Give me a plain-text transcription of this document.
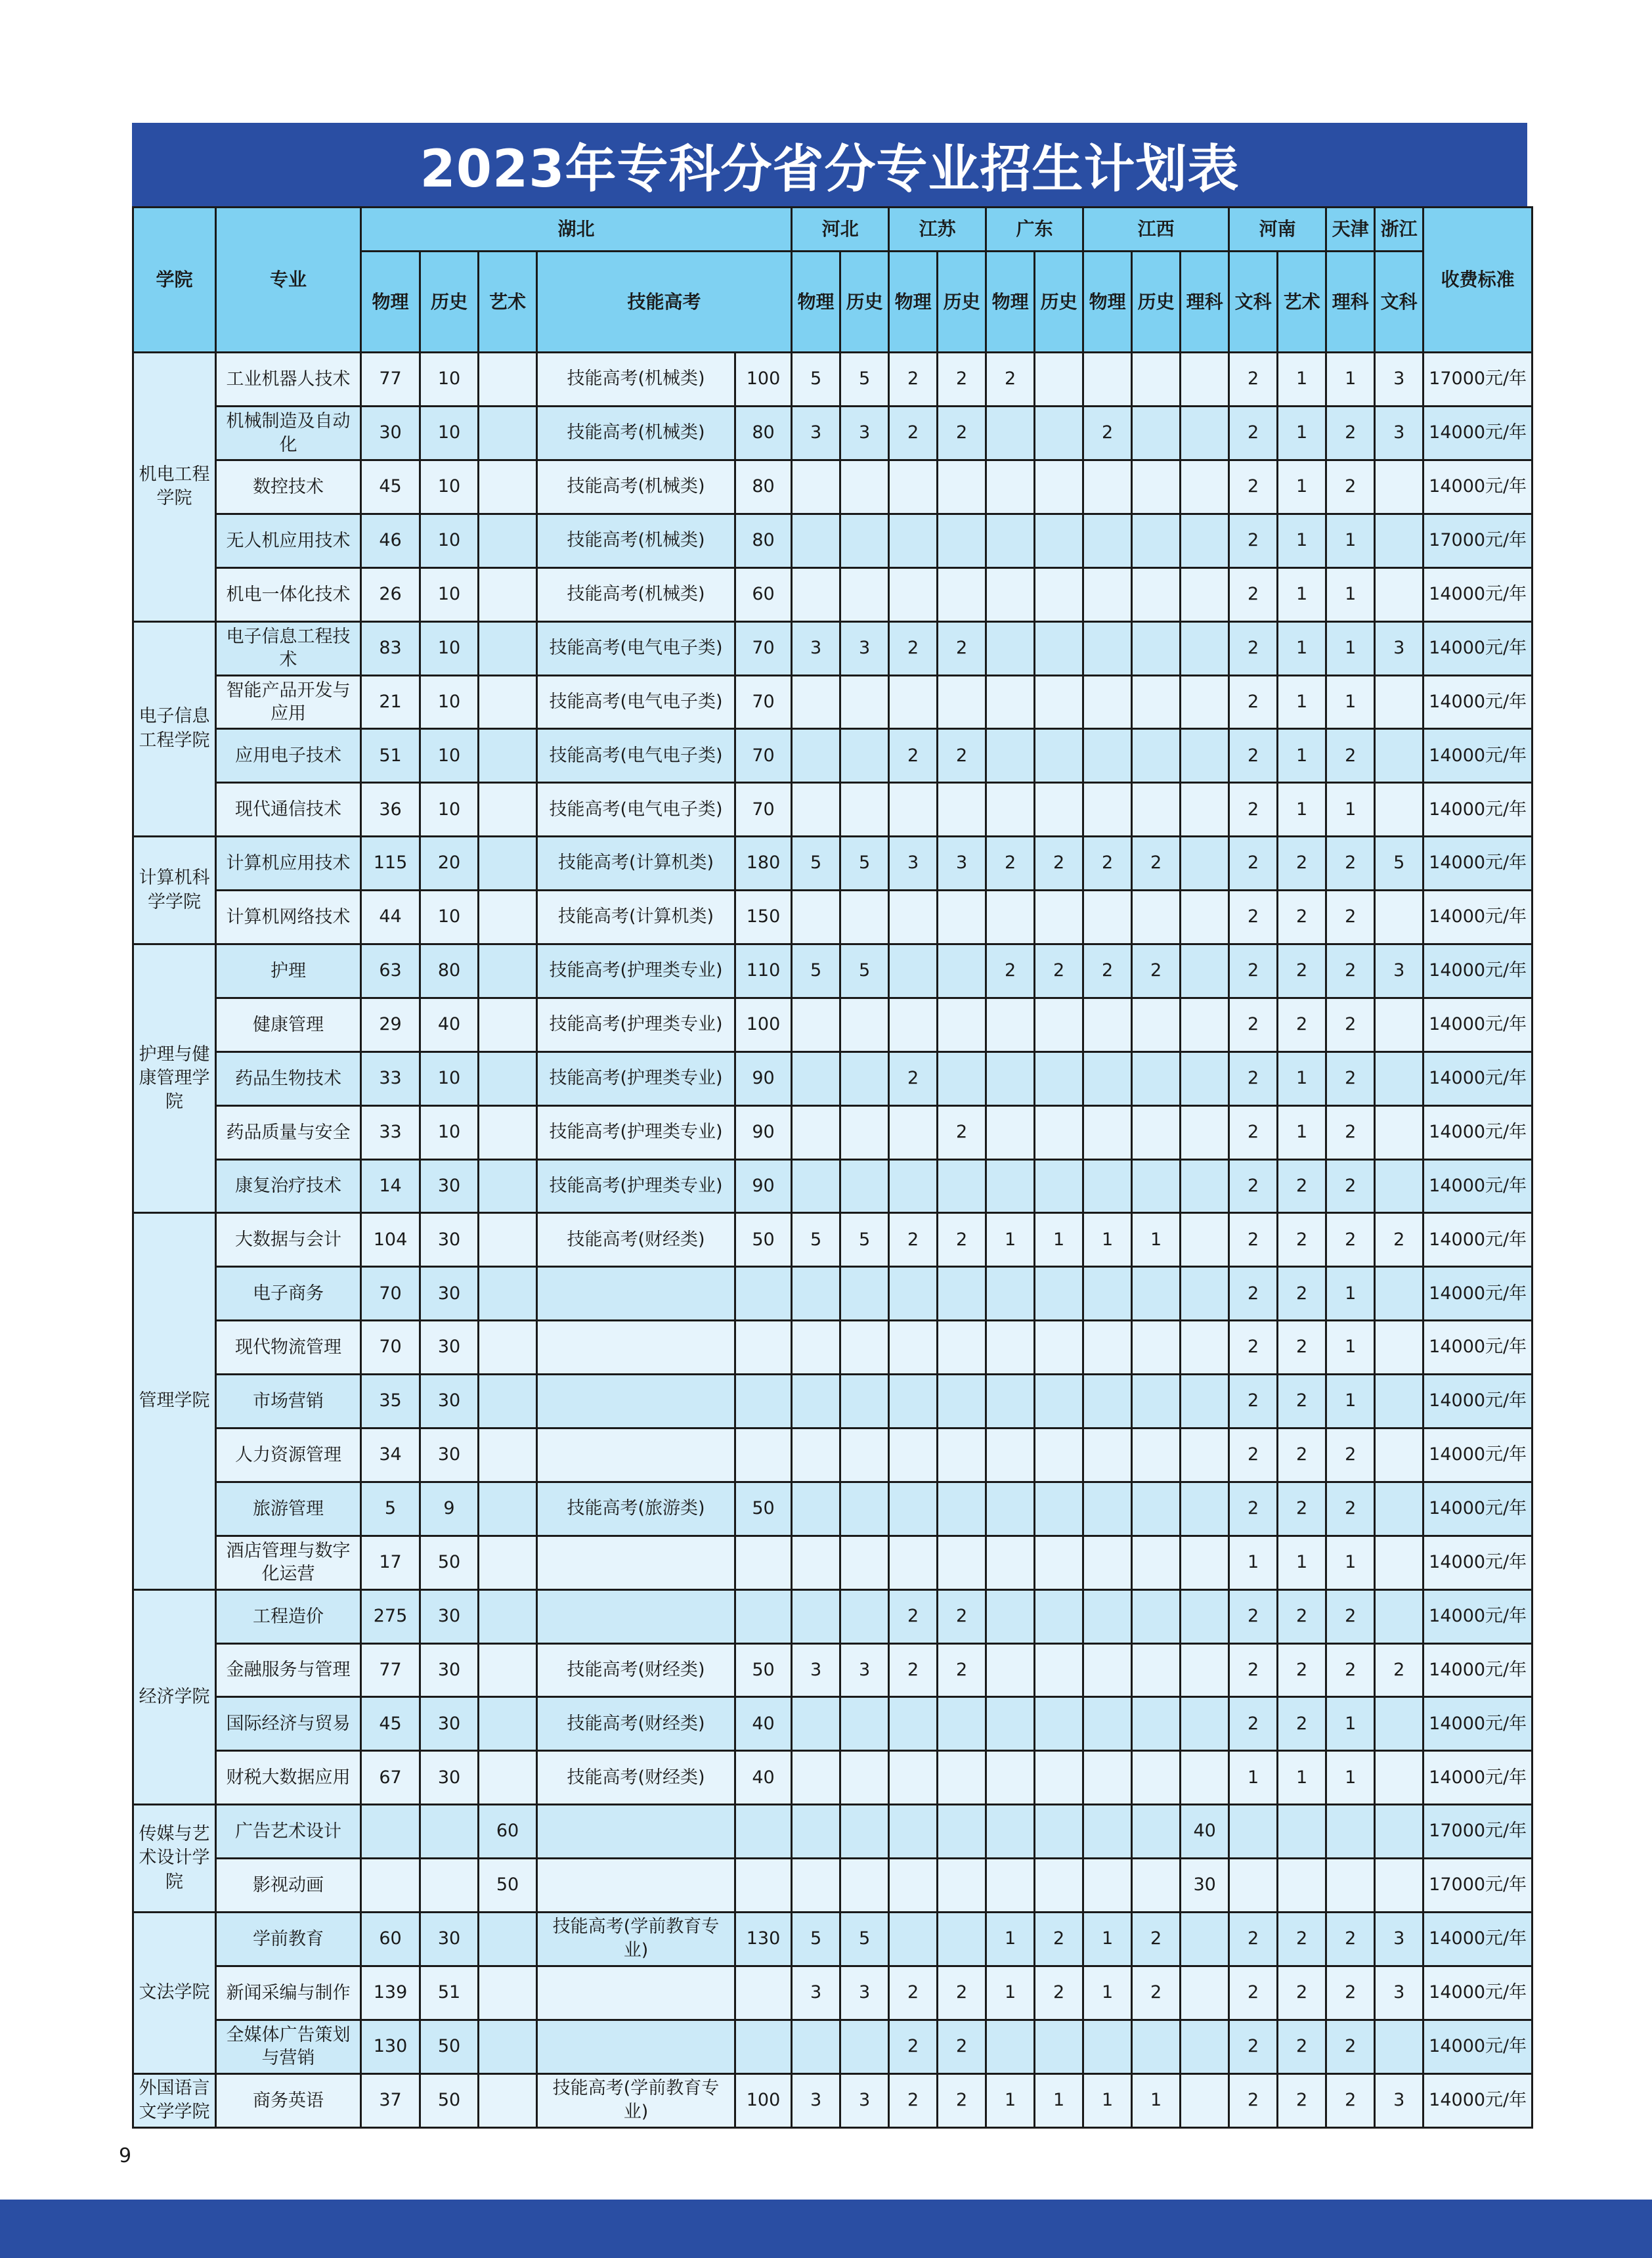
2023年专科分省分专业招生计划表
学院	专业	湖北					河北		江苏		广东		江西			河南		天津	浙江	收费标准	
		物理	历史	艺术	技能高考		物理	历史	物理	历史	物理	历史	物理	历史	理科	文科	艺术	理科	文科		
机电工程学院	工业机器人技术	77	10		技能高考(机械类)	100	5	5	2	2	2					2	1	1	3	17000元/年	
	机械制造及自动化	30	10		技能高考(机械类)	80	3	3	2	2			2			2	1	2	3	14000元/年	
	数控技术	45	10		技能高考(机械类)	80										2	1	2		14000元/年	
	无人机应用技术	46	10		技能高考(机械类)	80										2	1	1		17000元/年	
	机电一体化技术	26	10		技能高考(机械类)	60										2	1	1		14000元/年	
电子信息工程学院	电子信息工程技术	83	10		技能高考(电气电子类)	70	3	3	2	2						2	1	1	3	14000元/年	
	智能产品开发与应用	21	10		技能高考(电气电子类)	70										2	1	1		14000元/年	
	应用电子技术	51	10		技能高考(电气电子类)	70			2	2						2	1	2		14000元/年	
	现代通信技术	36	10		技能高考(电气电子类)	70										2	1	1		14000元/年	
计算机科学学院	计算机应用技术	115	20		技能高考(计算机类)	180	5	5	3	3	2	2	2	2		2	2	2	5	14000元/年	
	计算机网络技术	44	10		技能高考(计算机类)	150										2	2	2		14000元/年	
护理与健康管理学院	护理	63	80		技能高考(护理类专业)	110	5	5			2	2	2	2		2	2	2	3	14000元/年	
	健康管理	29	40		技能高考(护理类专业)	100										2	2	2		14000元/年	
	药品生物技术	33	10		技能高考(护理类专业)	90			2							2	1	2		14000元/年	
	药品质量与安全	33	10		技能高考(护理类专业)	90				2						2	1	2		14000元/年	
	康复治疗技术	14	30		技能高考(护理类专业)	90										2	2	2		14000元/年	
管理学院	大数据与会计	104	30		技能高考(财经类)	50	5	5	2	2	1	1	1	1		2	2	2	2	14000元/年	
	电子商务	70	30													2	2	1		14000元/年	
	现代物流管理	70	30													2	2	1		14000元/年	
	市场营销	35	30													2	2	1		14000元/年	
	人力资源管理	34	30													2	2	2		14000元/年	
	旅游管理	5	9		技能高考(旅游类)	50										2	2	2		14000元/年	
	酒店管理与数字化运营	17	50													1	1	1		14000元/年	
经济学院	工程造价	275	30						2	2						2	2	2		14000元/年	
	金融服务与管理	77	30		技能高考(财经类)	50	3	3	2	2						2	2	2	2	14000元/年	
	国际经济与贸易	45	30		技能高考(财经类)	40										2	2	1		14000元/年	
	财税大数据应用	67	30		技能高考(财经类)	40										1	1	1		14000元/年	
传媒与艺术设计学院	广告艺术设计			60											40					17000元/年	
	影视动画			50											30					17000元/年	
文法学院	学前教育	60	30		技能高考(学前教育专业)	130	5	5			1	2	1	2		2	2	2	3	14000元/年	
	新闻采编与制作	139	51				3	3	2	2	1	2	1	2		2	2	2	3	14000元/年	
	全媒体广告策划与营销	130	50						2	2						2	2	2		14000元/年	
外国语言文学学院	商务英语	37	50		技能高考(学前教育专业)	100	3	3	2	2	1	1	1	1		2	2	2	3	14000元/年	
9
